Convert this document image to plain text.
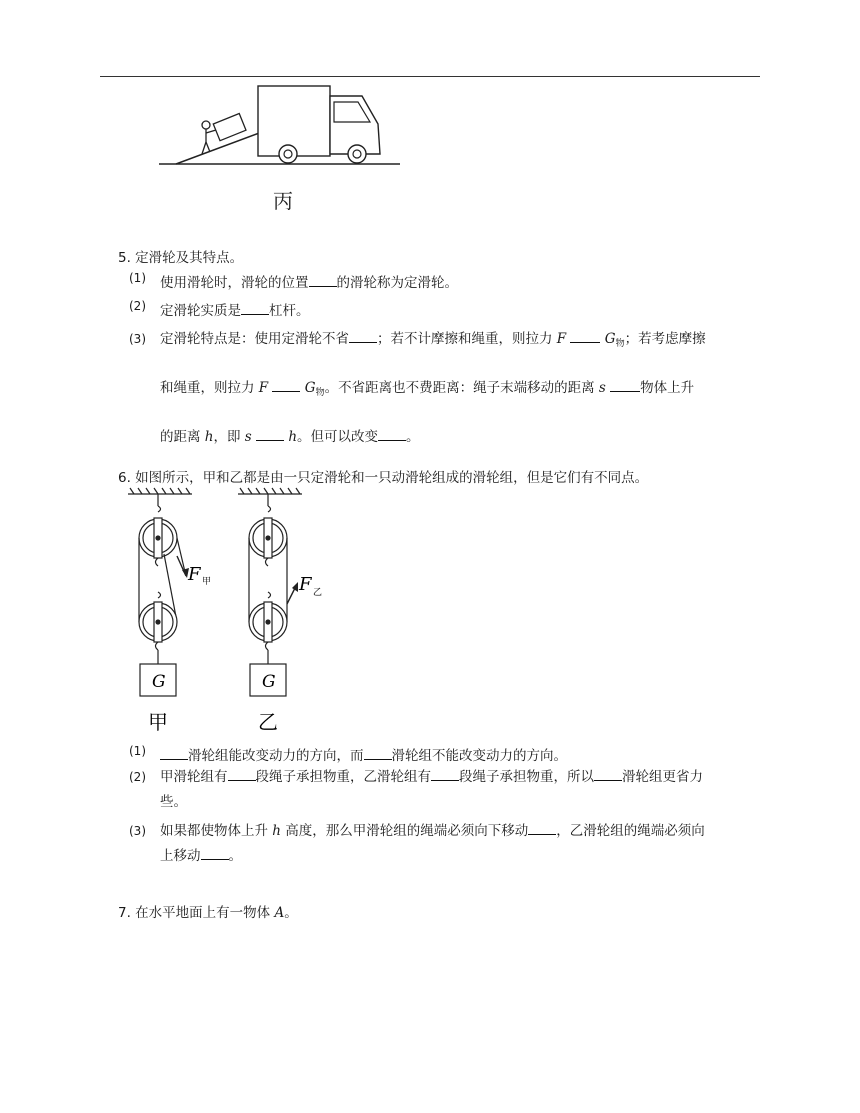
丙
5. 定滑轮及其特点。
(1) 使用滑轮时，滑轮的位置 的滑轮称为定滑轮。
(2) 定滑轮实质是 杠杆。
(3) 定滑轮特点是：使用定滑轮不省 ；若不计摩擦和绳重，则拉力 F	$G_物$；若考虑摩擦
和绳重，则拉力 F	$G_物$。不省距离也不费距离：绳子末端移动的距离 s	物体上升
的距离 h，即 s	h。但可以改变 。
6. 如图所示，甲和乙都是由一只定滑轮和一只动滑轮组成的滑轮组，但是它们有不同点。
F 甲
G
甲
F 乙
G
乙
(1)	滑轮组能改变动力的方向，而 滑轮组不能改变动力的方向。
(2) 甲滑轮组有 段绳子承担物重，乙滑轮组有 段绳子承担物重，所以 滑轮组更省力
些。
(3) 如果都使物体上升 h 高度，那么甲滑轮组的绳端必须向下移动 ，乙滑轮组的绳端必须向
上移动 。
7. 在水平地面上有一物体 A。
